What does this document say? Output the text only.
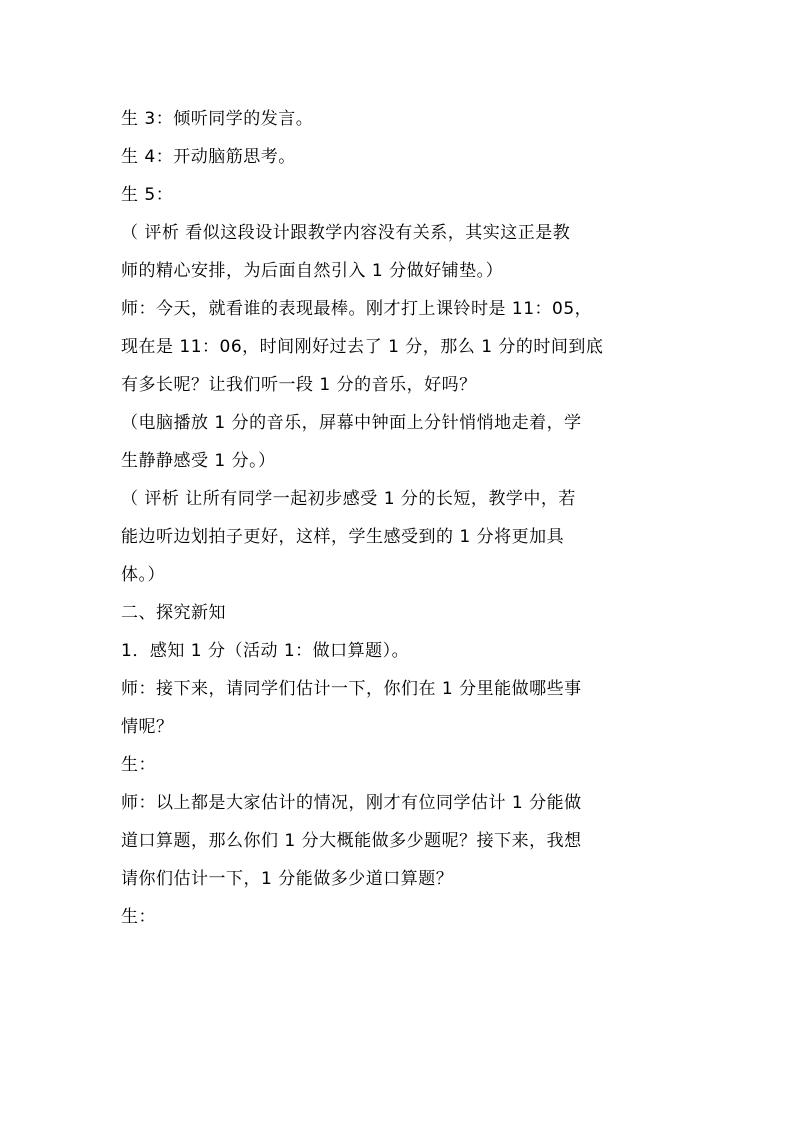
生 3：倾听同学的发言。
生 4：开动脑筋思考。
生 5：
（ 评析 看似这段设计跟教学内容没有关系，其实这正是教
师的精心安排，为后面自然引入 1 分做好铺垫。）
师：今天，就看谁的表现最棒。刚才打上课铃时是 11：05，
现在是 11：06，时间刚好过去了 1 分，那么 1 分的时间到底
有多长呢？让我们听一段 1 分的音乐，好吗？
（电脑播放 1 分的音乐，屏幕中钟面上分针悄悄地走着，学
生静静感受 1 分。）
（ 评析 让所有同学一起初步感受 1 分的长短，教学中，若
能边听边划拍子更好，这样，学生感受到的 1 分将更加具
体。）
二、探究新知
1．感知 1 分（活动 1：做口算题）。
师：接下来，请同学们估计一下，你们在 1 分里能做哪些事
情呢？
生：
师：以上都是大家估计的情况，刚才有位同学估计 1 分能做
道口算题，那么你们 1 分大概能做多少题呢？接下来，我想
请你们估计一下，1 分能做多少道口算题？
生：
